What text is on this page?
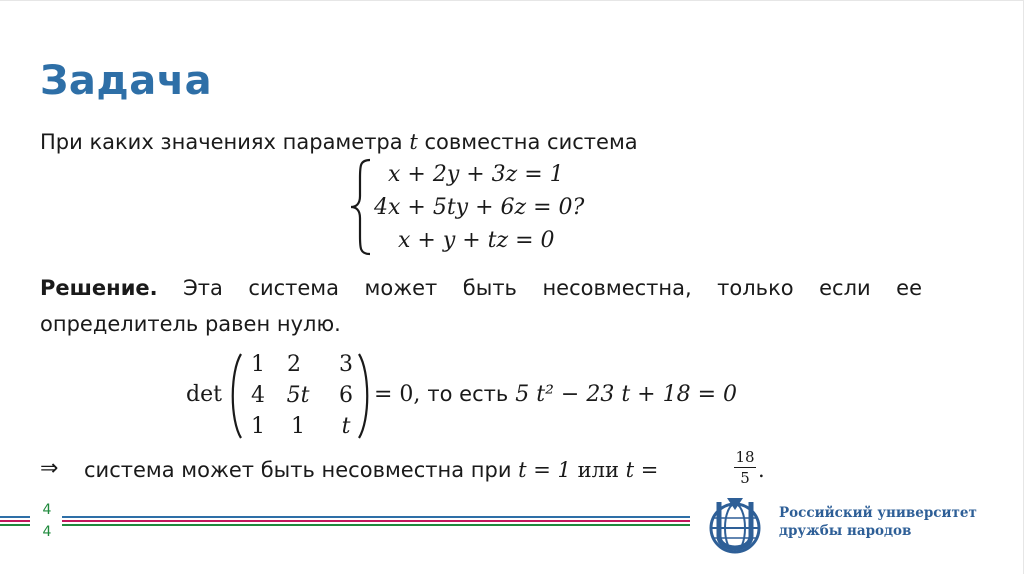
Задача
При каких значениях параметра t совместна система
x + 2y + 3z = 1
4x + 5ty + 6z = 0?
x + y + tz = 0
Решение. Эта система может быть несовместна, только если ее
определитель равен нулю.
det
1	2	3
4 5t	6
1	1	t
= 0, то есть 5 t² − 23 t + 18 = 0
⇒ система может быть несовместна при t = 1 или t =
18
5 .
4
4
Российский университет
дружбы народов
